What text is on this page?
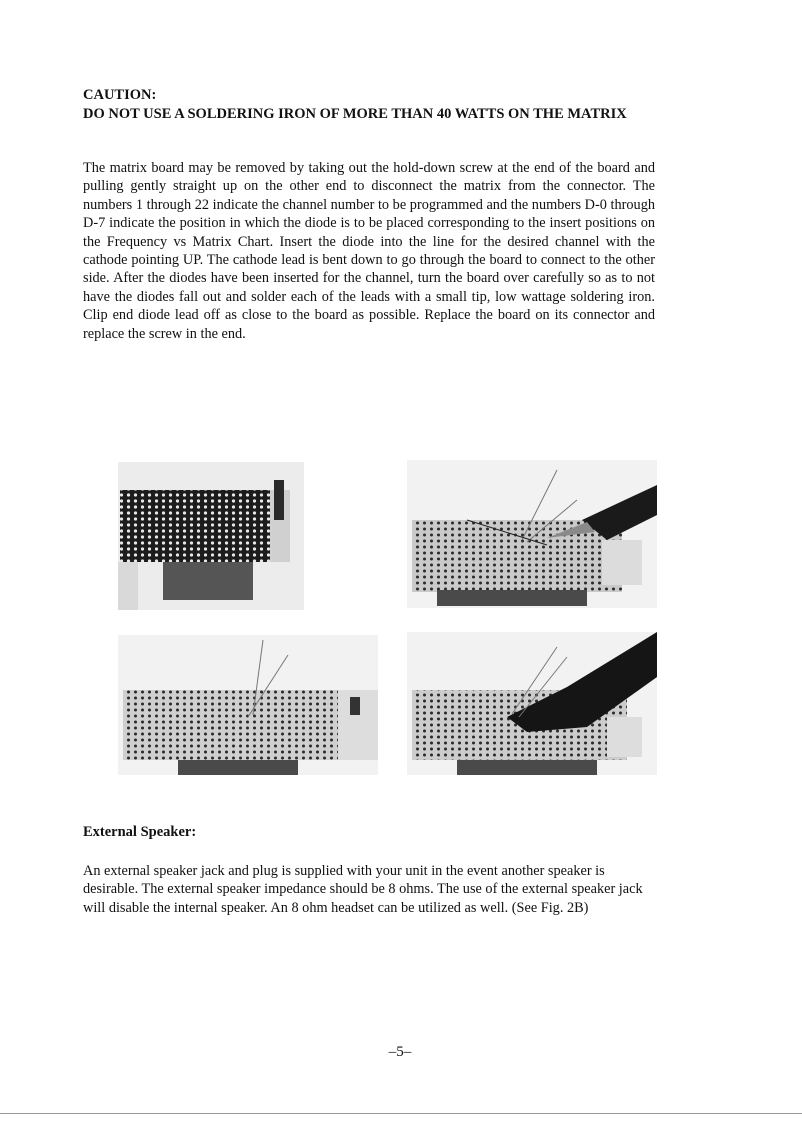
CAUTION:
DO NOT USE A SOLDERING IRON OF MORE THAN 40 WATTS ON THE MATRIX
The matrix board may be removed by taking out the hold-down screw at the end of the board and pulling gently straight up on the other end to disconnect the matrix from the connector. The numbers 1 through 22 indicate the channel number to be programmed and the numbers D-0 through D-7 indicate the position in which the diode is to be placed corresponding to the insert positions on the Frequency vs Matrix Chart. Insert the diode into the line for the desired channel with the cathode pointing UP. The cathode lead is bent down to go through the board to connect to the other side. After the diodes have been inserted for the channel, turn the board over carefully so as to not have the diodes fall out and solder each of the leads with a small tip, low wattage soldering iron. Clip end diode lead off as close to the board as possible. Replace the board on its connector and replace the screw in the end.
External Speaker:
An external speaker jack and plug is supplied with your unit in the event another speaker is desirable. The external speaker impedance should be 8 ohms. The use of the external speaker jack will disable the internal speaker. An 8 ohm headset can be utilized as well. (See Fig. 2B)
–5–
